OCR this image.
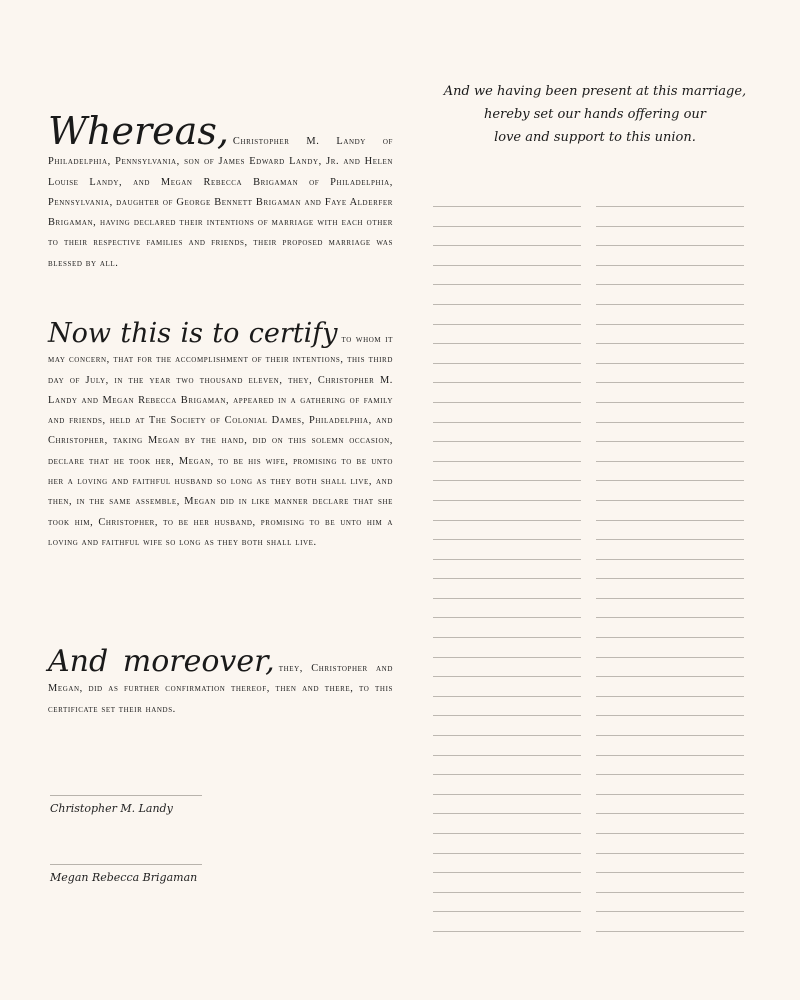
Whereas, Christopher M. Landy of Philadelphia, Pennsylvania, son of James Edward Landy, Jr. and Helen Louise Landy, and Megan Rebecca Brigaman of Philadelphia, Pennsylvania, daughter of George Bennett Brigaman and Faye Alderfer Brigaman, having declared their intentions of marriage with each other to their respective families and friends, their proposed marriage was blessed by all.

Now this is to certify to whom it may concern, that for the accomplishment of their intentions, this third day of July, in the year two thousand eleven, they, Christopher M. Landy and Megan Rebecca Brigaman, appeared in a gathering of family and friends, held at The Society of Colonial Dames, Philadelphia, and Christopher, taking Megan by the hand, did on this solemn occasion, declare that he took her, Megan, to be his wife, promising to be unto her a loving and faithful husband so long as they both shall live, and then, in the same assemble, Megan did in like manner declare that she took him, Christopher, to be her husband, promising to be unto him a loving and faithful wife so long as they both shall live.

And moreover, they, Christopher and Megan, did as further confirmation thereof, then and there, to this certificate set their hands.

Christopher M. Landy
Megan Rebecca Brigaman
And we having been present at this marriage,
hereby set our hands offering our
love and support to this union.
